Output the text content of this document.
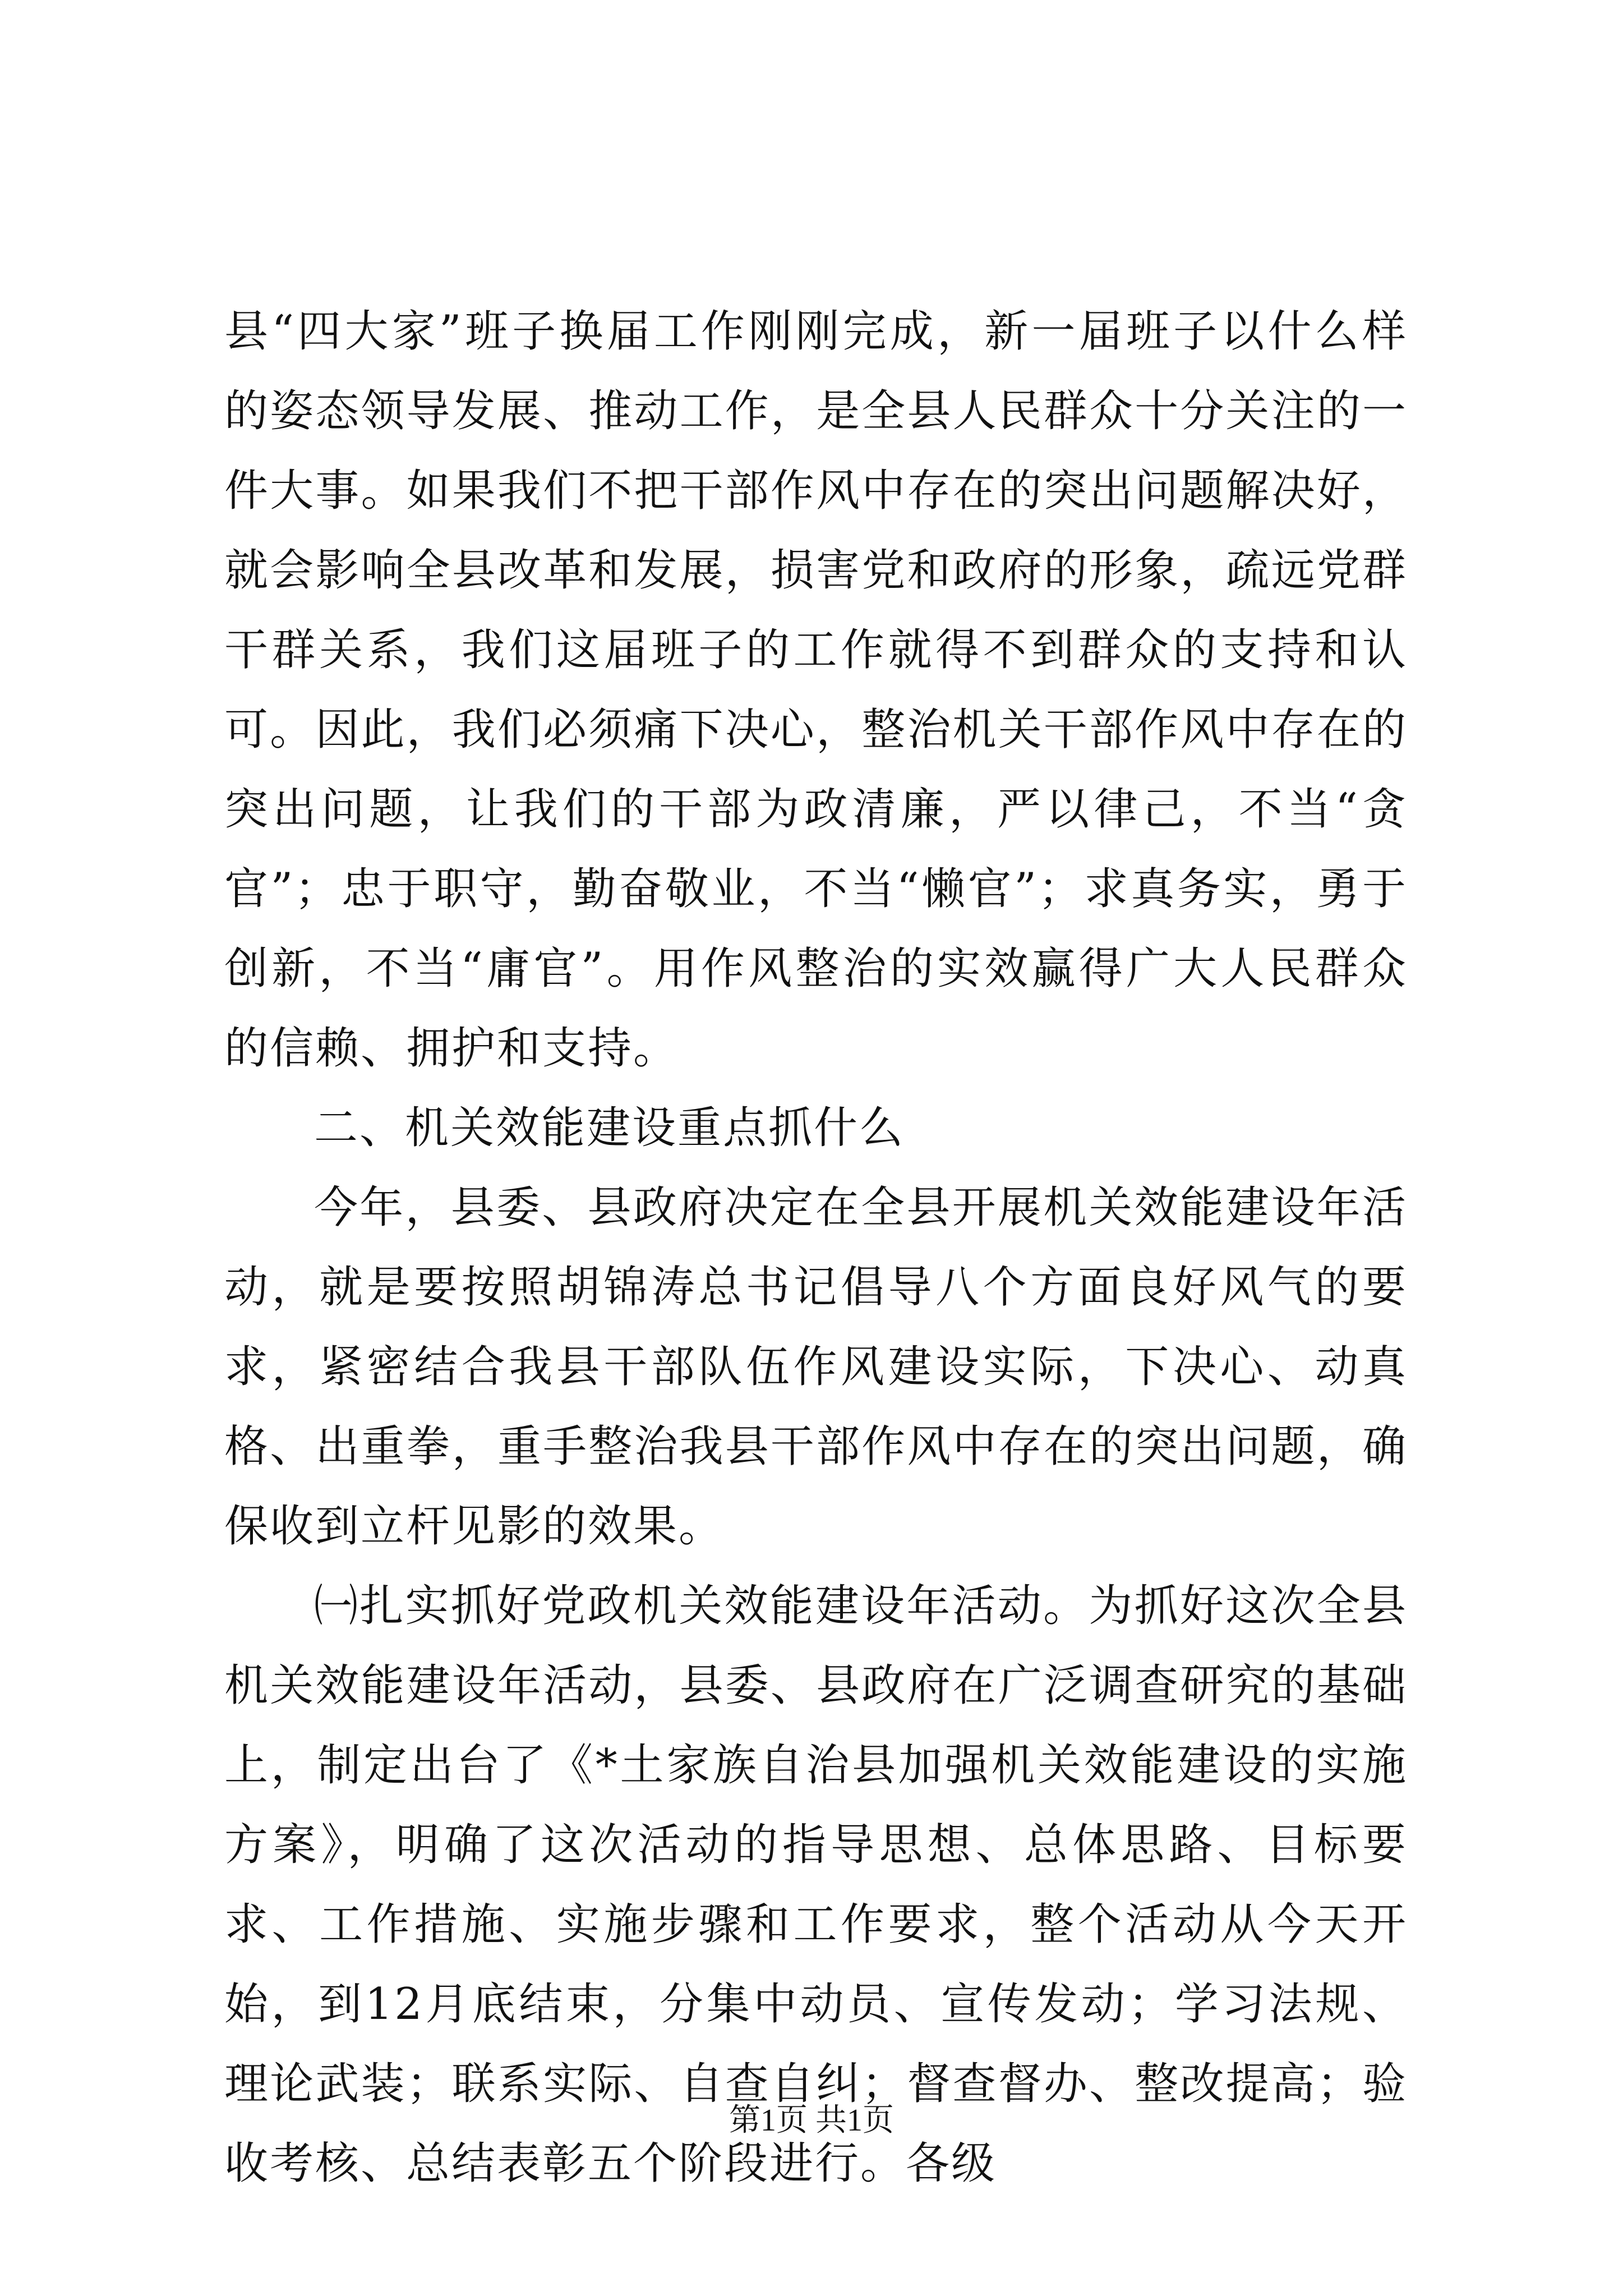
县“四大家”班子换届工作刚刚完成，新一届班子以什么样的姿态领导发展、推动工作，是全县人民群众十分关注的一件大事。如果我们不把干部作风中存在的突出问题解决好，就会影响全县改革和发展，损害党和政府的形象，疏远党群干群关系，我们这届班子的工作就得不到群众的支持和认可。因此，我们必须痛下决心，整治机关干部作风中存在的突出问题，让我们的干部为政清廉，严以律己，不当“贪官”；忠于职守，勤奋敬业，不当“懒官”；求真务实，勇于创新，不当“庸官”。用作风整治的实效赢得广大人民群众的信赖、拥护和支持。

二、机关效能建设重点抓什么

今年，县委、县政府决定在全县开展机关效能建设年活动，就是要按照胡锦涛总书记倡导八个方面良好风气的要求，紧密结合我县干部队伍作风建设实际，下决心、动真格、出重拳，重手整治我县干部作风中存在的突出问题，确保收到立杆见影的效果。

㈠扎实抓好党政机关效能建设年活动。为抓好这次全县机关效能建设年活动，县委、县政府在广泛调查研究的基础上，制定出台了《*土家族自治县加强机关效能建设的实施方案》，明确了这次活动的指导思想、总体思路、目标要求、工作措施、实施步骤和工作要求，整个活动从今天开始，到12月底结束，分集中动员、宣传发动；学习法规、理论武装；联系实际、自查自纠；督查督办、整改提高；验收考核、总结表彰五个阶段进行。各级

第1页 共1页
